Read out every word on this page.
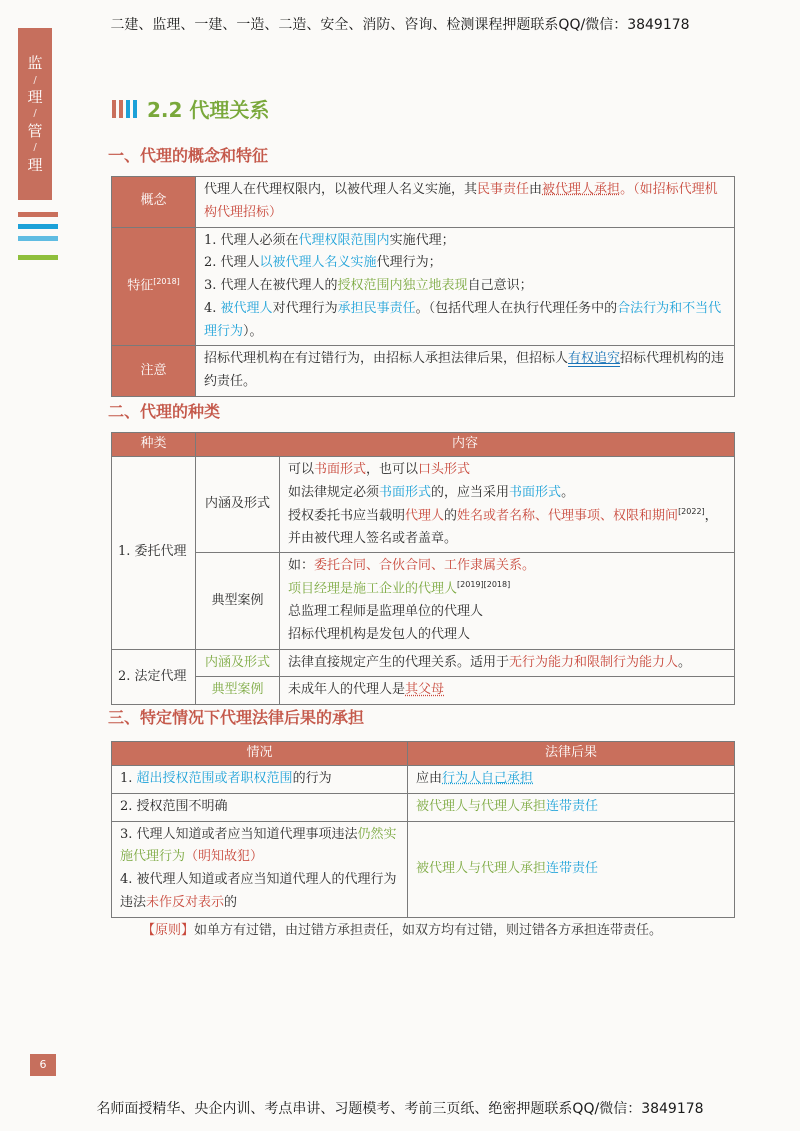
二建、监理、一建、一造、二造、安全、消防、咨询、检测课程押题联系QQ/微信：3849178
监
/
理
/
管
/
理
2.2 代理关系
一、代理的概念和特征
概念	代理人在代理权限内，以被代理人名义实施，其民事责任由被代理人承担。（如招标代理机构代理招标）
特征[2018]	1. 代理人必须在代理权限范围内实施代理；
2. 代理人以被代理人名义实施代理行为；
3. 代理人在被代理人的授权范围内独立地表现自己意识；
4. 被代理人对代理行为承担民事责任。（包括代理人在执行代理任务中的合法行为和不当代理行为）。

注意	招标代理机构在有过错行为，由招标人承担法律后果，但招标人有权追究招标代理机构的违约责任。
二、代理的种类
种类	内容	
1. 委托代理	内涵及形式	可以书面形式，也可以口头形式
如法律规定必须书面形式的，应当采用书面形式。
授权委托书应当载明代理人的姓名或者名称、代理事项、权限和期间[2022]，并由被代理人签名或者盖章。

	典型案例	如：委托合同、合伙合同、工作隶属关系。
项目经理是施工企业的代理人[2019][2018]
总监理工程师是监理单位的代理人
招标代理机构是发包人的代理人

2. 法定代理	内涵及形式	法律直接规定产生的代理关系。适用于无行为能力和限制行为能力人。
	典型案例	未成年人的代理人是其父母
三、特定情况下代理法律后果的承担
情况	法律后果
1. 超出授权范围或者职权范围的行为	应由行为人自己承担
2. 授权范围不明确	被代理人与代理人承担连带责任

3. 代理人知道或者应当知道代理事项违法仍然实施代理行为（明知故犯）
4. 被代理人知道或者应当知道代理人的代理行为违法未作反对表示的	被代理人与代理人承担连带责任
【原则】如单方有过错，由过错方承担责任，如双方均有过错，则过错各方承担连带责任。
6
名师面授精华、央企内训、考点串讲、习题模考、考前三页纸、绝密押题联系QQ/微信：3849178
